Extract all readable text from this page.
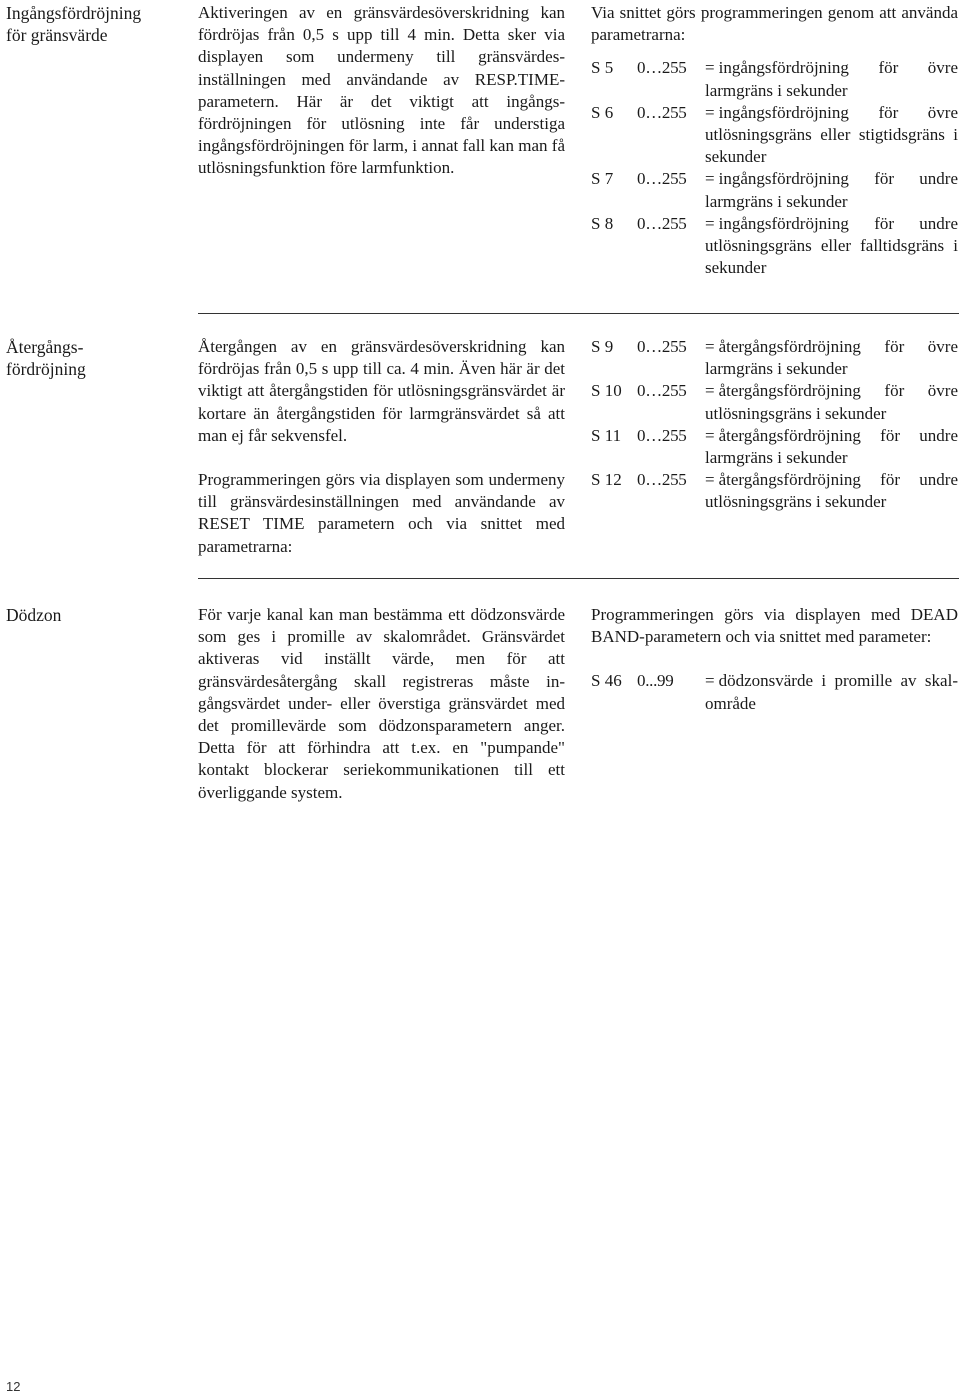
Ingångsfördröjning
för gränsvärde

Aktiveringen av en gränsvärdesöverskridning kan fördröjas från 0,5 s upp till 4 min. Detta sker via displayen som undermeny till gränsvärdesinställningen med användande av RESP.TIME-parametern. Här är det viktigt att ingångsfördröjningen för utlösning inte får understiga ingångsfördröjningen för larm, i annat fall kan man få utlösningsfunktion före larmfunktion.

Via snittet görs programmeringen genom att använda parametrarna:

S 5	0…255	= ingångsfördröjning för övre larmgräns i sekunder
S 6	0…255	= ingångsfördröjning för övre utlösningsgräns eller stigtidsgräns i sekunder
S 7	0…255	= ingångsfördröjning för undre larmgräns i sekunder
S 8	0…255	= ingångsfördröjning för undre utlösningsgräns eller falltidsgräns i sekunder
Återgångs-
fördröjning

Återgången av en gränsvärdesöverskridning kan fördröjas från 0,5 s upp till ca. 4 min. Även här är det viktigt att återgångstiden för utlösningsgränsvärdet är kortare än återgångstiden för larmgränsvärdet så att man ej får sekvensfel.

Programmeringen görs via displayen som undermeny till gränsvärdesinställningen med användande av RESET TIME parametern och via snittet med parametrarna:

S 9	0…255	= återgångsfördröjning för övre larmgräns i sekunder
S 10 0…255	= återgångsfördröjning för övre utlösningsgräns i sekunder
S 11 0…255	= återgångsfördröjning för undre larmgräns i sekunder
S 12 0…255	= återgångsfördröjning för undre utlösningsgräns i sekunder
Dödzon	För varje kanal kan man bestämma ett dödzonsvärde som ges i promille av skalområdet. Gränsvärdet aktiveras vid inställt värde, men för att gränsvärdesåtergång skall registreras måste ingångsvärdet under- eller överstiga gränsvärdet med det promillevärde som dödzonsparametern anger. Detta för att förhindra att t.ex. en "pumpande" kontakt blockerar seriekommunikationen till ett överliggande system.

Programmeringen görs via displayen med DEAD BAND-parametern och via snittet med parameter:

S 46 0...99	= dödzonsvärde i promille av skalområde
12
